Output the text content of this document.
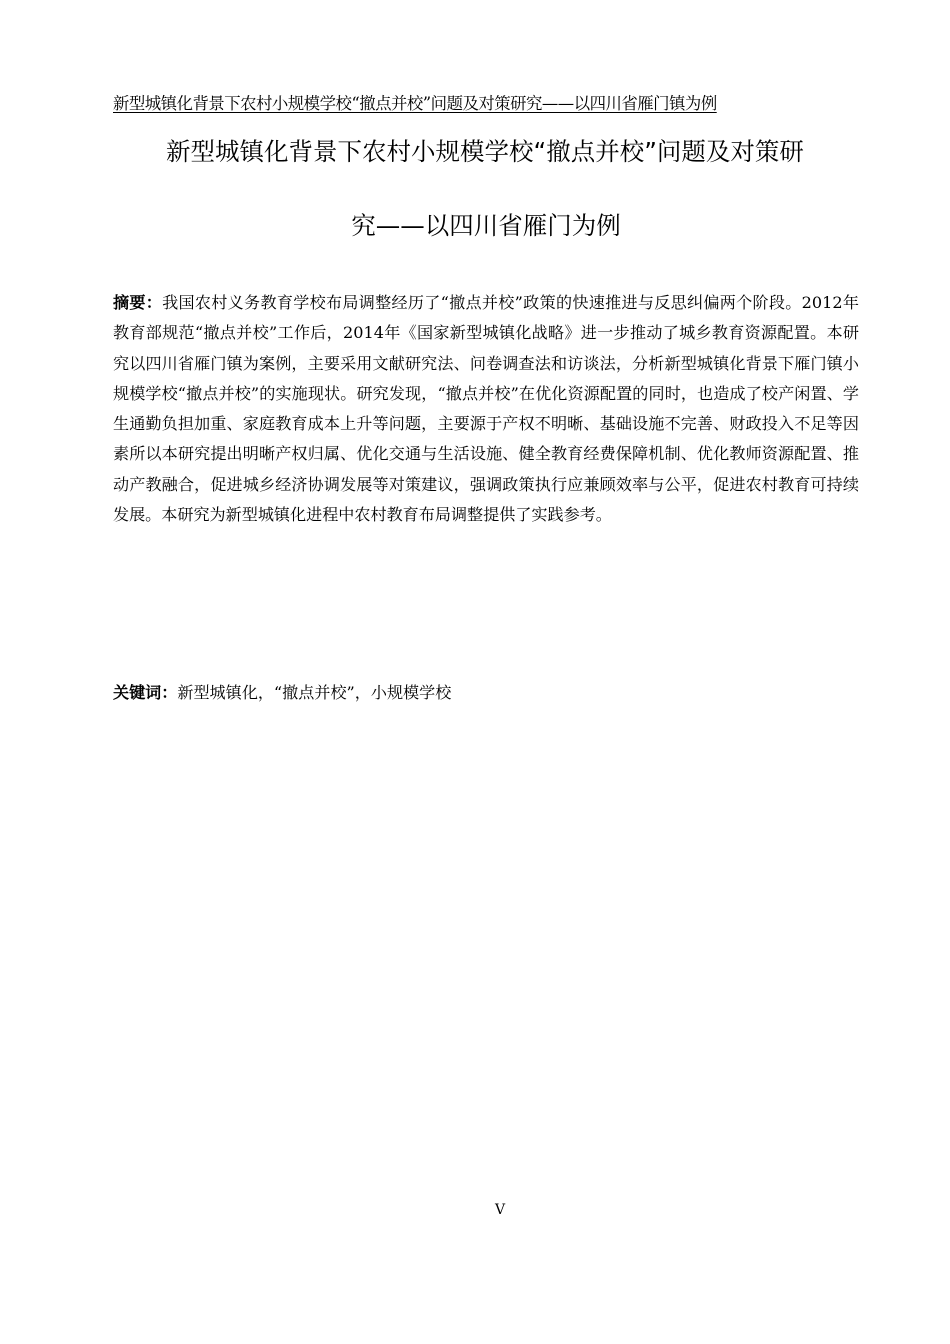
新型城镇化背景下农村小规模学校“撤点并校”问题及对策研究——以四川省雁门镇为例
新型城镇化背景下农村小规模学校“撤点并校”问题及对策研
究——以四川省雁门为例
摘要：我国农村义务教育学校布局调整经历了“撤点并校”政策的快速推进与反思纠偏两个阶段。2012年教育部规范“撤点并校”工作后，2014年《国家新型城镇化战略》进一步推动了城乡教育资源配置。本研究以四川省雁门镇为案例，主要采用文献研究法、问卷调查法和访谈法，分析新型城镇化背景下雁门镇小规模学校“撤点并校”的实施现状。研究发现，“撤点并校”在优化资源配置的同时，也造成了校产闲置、学生通勤负担加重、家庭教育成本上升等问题，主要源于产权不明晰、基础设施不完善、财政投入不足等因素所以本研究提出明晰产权归属、优化交通与生活设施、健全教育经费保障机制、优化教师资源配置、推动产教融合，促进城乡经济协调发展等对策建议，强调政策执行应兼顾效率与公平，促进农村教育可持续发展。本研究为新型城镇化进程中农村教育布局调整提供了实践参考。
关键词：新型城镇化，“撤点并校”，小规模学校
V
